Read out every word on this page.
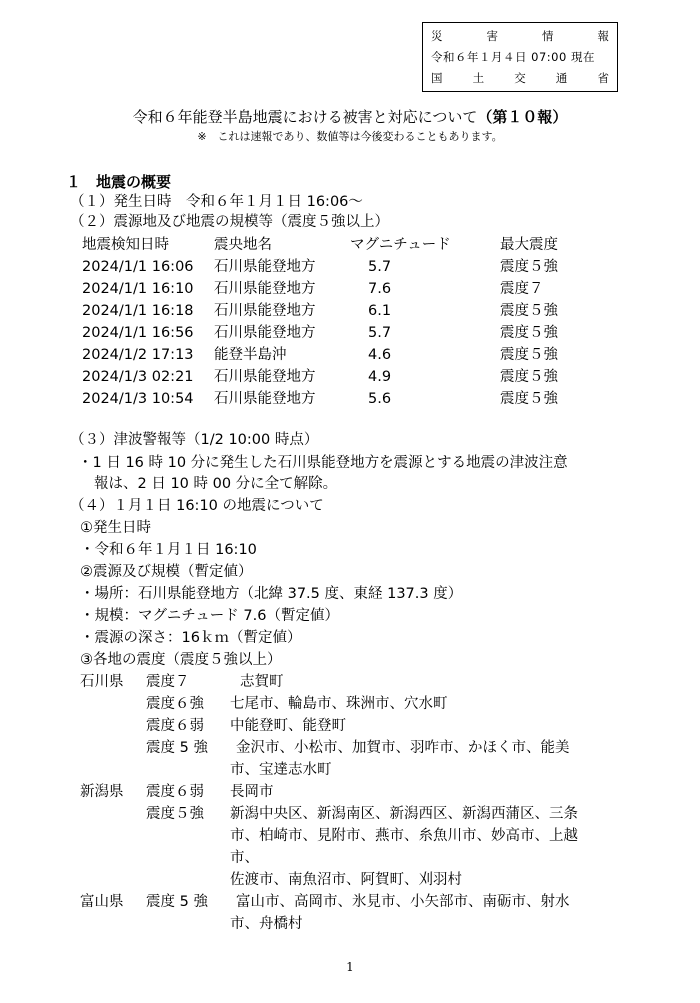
災	害	情	報
令和６年１月４日 07:00 現在
国	土	交	通	省
令和６年能登半島地震における被害と対応について（第１０報）
※　これは速報であり、数値等は今後変わることもあります。
１　地震の概要
（１）発生日時　令和６年１月１日 16:06～
（２）震源地及び地震の規模等（震度５強以上）
地震検知日時	震央地名	マグニチュード	最大震度
2024/1/1 16:06 石川県能登地方	5.7	震度５強
2024/1/1 16:10 石川県能登地方	7.6	震度７
2024/1/1 16:18 石川県能登地方	6.1	震度５強
2024/1/1 16:56 石川県能登地方	5.7	震度５強
2024/1/2 17:13 能登半島沖	4.6	震度５強
2024/1/3 02:21 石川県能登地方	4.9	震度５強
2024/1/3 10:54 石川県能登地方	5.6	震度５強
（３）津波警報等（1/2 10:00 時点）
・1 日 16 時 10 分に発生した石川県能登地方を震源とする地震の津波注意
報は、2 日 10 時 00 分に全て解除。
（４）１月１日 16:10 の地震について
①発生日時
・令和６年１月１日 16:10
②震源及び規模（暫定値）
・場所：石川県能登地方（北緯 37.5 度、東経 137.3 度）
・規模：マグニチュード 7.6（暫定値）
・震源の深さ：16ｋｍ（暫定値）
③各地の震度（震度５強以上）
石川県 震度７	志賀町
震度６強 七尾市、輪島市、珠洲市、穴水町
震度６弱 中能登町、能登町
震度 5 強 金沢市、小松市、加賀市、羽咋市、かほく市、能美
市、宝達志水町
新潟県 震度６弱 長岡市
震度５強 新潟中央区、新潟南区、新潟西区、新潟西蒲区、三条
市、柏崎市、見附市、燕市、糸魚川市、妙高市、上越
市、
佐渡市、南魚沼市、阿賀町、刈羽村
富山県 震度 5 強 富山市、高岡市、氷見市、小矢部市、南砺市、射水
市、舟橋村
1
